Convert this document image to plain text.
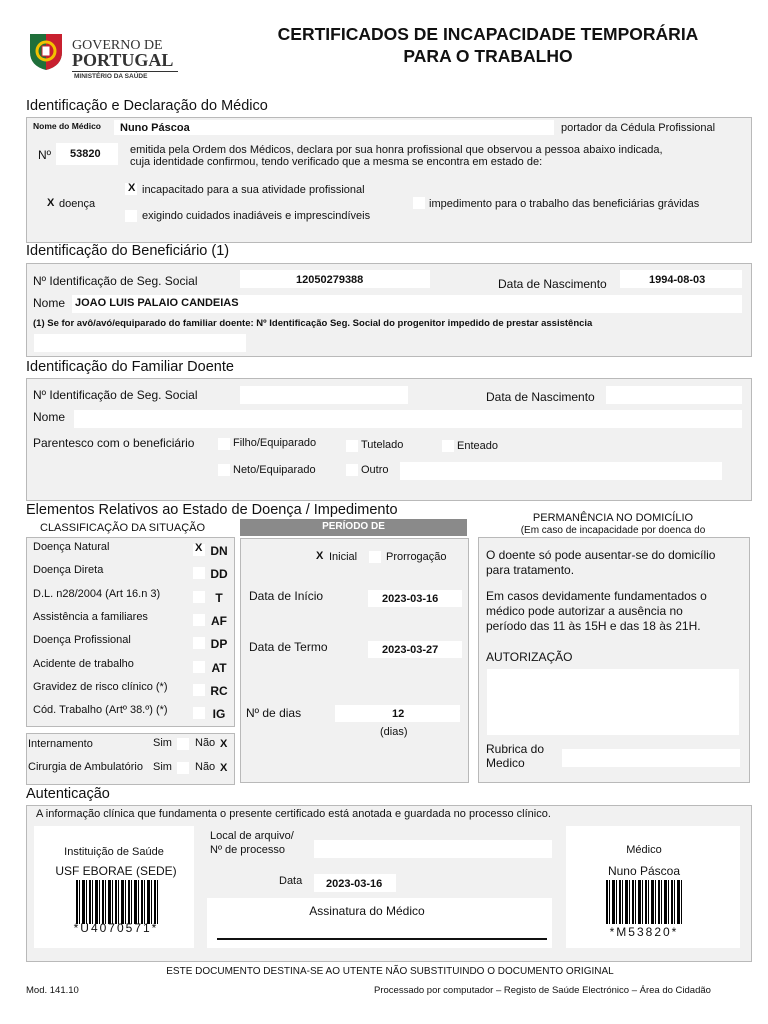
GOVERNO DE
PORTUGAL
MINISTÉRIO DA SAÚDE
CERTIFICADOS DE INCAPACIDADE TEMPORÁRIA
PARA O TRABALHO
Identificação e Declaração do Médico
Nome do Médico Nuno Páscoa	portador da Cédula Profissional
Nº 53820	emitida pela Ordem dos Médicos, declara por sua honra profissional que observou a pessoa abaixo indicada,
cuja identidade confirmou, tendo verificado que a mesma se encontra em estado de:
X doença
X incapacitado para a sua atividade profissional
exigindo cuidados inadiáveis e imprescindíveis
impedimento para o trabalho das beneficiárias grávidas
Identificação do Beneficiário (1)
Nº Identificação de Seg. Social	12050279388	Data de Nascimento	1994-08-03
Nome JOAO LUIS PALAIO CANDEIAS
(1) Se for avô/avó/equiparado do familiar doente: Nº Identificação Seg. Social do progenitor impedido de prestar assistência
Identificação do Familiar Doente
Nº Identificação de Seg. Social	Data de Nascimento
Nome
Parentesco com o beneficiário	Filho/Equiparado	Tutelado	Enteado
Neto/Equiparado	Outro
Elementos Relativos ao Estado de Doença / Impedimento
CLASSIFICAÇÃO DA SITUAÇÃO
Doença Natural	X DN
Doença Direta	DD
D.L. n28/2004 (Art 16.n 3)	T
Assistência a familiares	AF
Doença Profissional	DP
Acidente de trabalho	AT
Gravidez de risco clínico (*)	RC
Cód. Trabalho (Artº 38.º) (*)	IG
Internamento	Sim Não X
Cirurgia de Ambulatório Sim Não X
PERÍODO DE
X Inicial	Prorrogação
Data de Início	2023-03-16
Data de Termo	2023-03-27
Nº de dias	12
(dias)
PERMANÊNCIA NO DOMICÍLIO
(Em caso de incapacidade por doenca do
O doente só pode ausentar-se do domicílio
para tratamento.
Em casos devidamente fundamentados o
médico pode autorizar a ausência no
período das 11 às 15H e das 18 às 21H.
AUTORIZAÇÃO
Rubrica do
Medico
Autenticação
A informação clínica que fundamenta o presente certificado está anotada e guardada no processo clínico.
Instituição de Saúde
USF EBORAE (SEDE)
*U4070571*
Local de arquivo/
Nº de processo
Data 2023-03-16
Assinatura do Médico
Médico
Nuno Páscoa
*M53820*
ESTE DOCUMENTO DESTINA-SE AO UTENTE NÃO SUBSTITUINDO O DOCUMENTO ORIGINAL
Mod. 141.10	Processado por computador – Registo de Saúde Electrónico – Área do Cidadão
